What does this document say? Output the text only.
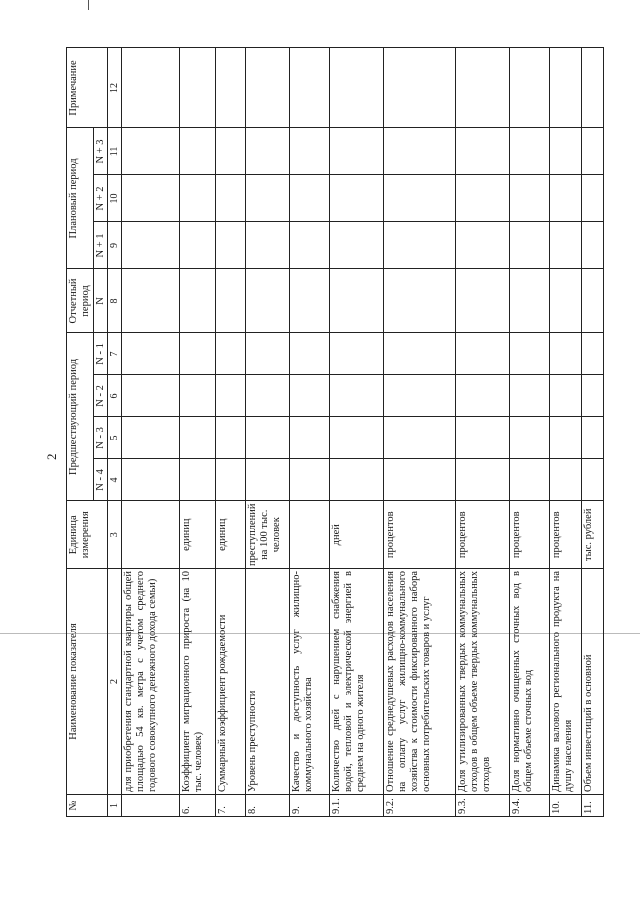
2
№	Наименование показателя	Единица измерения	Предшествующий период				Отчетный период	Плановый период			Примечание
			N - 4	N - 3	N - 2	N - 1	N	N + 1	N + 2	N + 3	
1	2	3	4	5	6	7	8	9	10	11	12
	для приобретения стандартной квартиры общей площадью 54 кв. метра с учетом среднего годового совокупного денежного дохода семьи)										
6.	Коэффициент миграционного прироста (на 10 тыс. человек)	единиц									
7.	Суммарный коэффициент рождаемости	единиц									
8.	Уровень преступности	преступлений на 100 тыс. человек									
9.	Качество и доступность услуг жилищно-коммунального хозяйства										
9.1.	Количество дней с нарушением снабжения водой, тепловой и электрической энергией в среднем на одного жителя	дней									
9.2.	Отношение среднедушевых расходов населения на оплату услуг жилищно-коммунального хозяйства к стоимости фиксированного набора основных потребительских товаров и услуг	процентов									
9.3.	Доля утилизированных твердых коммунальных отходов в общем объеме твердых коммунальных отходов	процентов									
9.4.	Доля нормативно очищенных сточных вод в общем объеме сточных вод	процентов									
10.	Динамика валового регионального продукта на душу населения	процентов									
11.	Объем инвестиций в основной	тыс. рублей									
